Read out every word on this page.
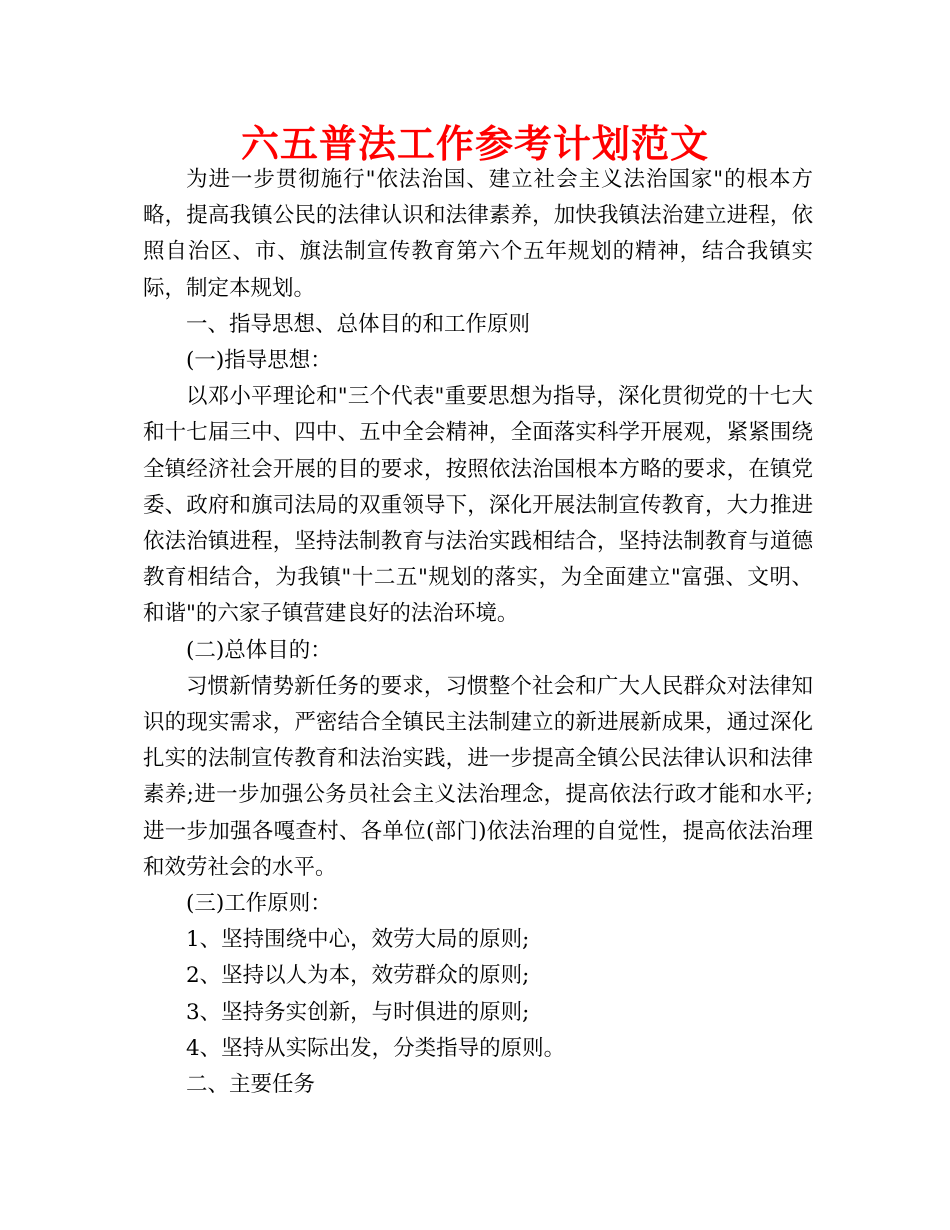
六五普法工作参考计划范文

为进一步贯彻施行"依法治国、建立社会主义法治国家"的根本方略，提高我镇公民的法律认识和法律素养，加快我镇法治建立进程，依照自治区、市、旗法制宣传教育第六个五年规划的精神，结合我镇实际，制定本规划。

一、指导思想、总体目的和工作原则

(一)指导思想：

以邓小平理论和"三个代表"重要思想为指导，深化贯彻党的十七大和十七届三中、四中、五中全会精神，全面落实科学开展观，紧紧围绕全镇经济社会开展的目的要求，按照依法治国根本方略的要求，在镇党委、政府和旗司法局的双重领导下，深化开展法制宣传教育，大力推进依法治镇进程，坚持法制教育与法治实践相结合，坚持法制教育与道德教育相结合，为我镇"十二五"规划的落实，为全面建立"富强、文明、和谐"的六家子镇营建良好的法治环境。

(二)总体目的：

习惯新情势新任务的要求，习惯整个社会和广大人民群众对法律知识的现实需求，严密结合全镇民主法制建立的新进展新成果，通过深化扎实的法制宣传教育和法治实践，进一步提高全镇公民法律认识和法律素养;进一步加强公务员社会主义法治理念，提高依法行政才能和水平;进一步加强各嘎查村、各单位(部门)依法治理的自觉性，提高依法治理和效劳社会的水平。

(三)工作原则：

1、坚持围绕中心，效劳大局的原则;

2、坚持以人为本，效劳群众的原则;

3、坚持务实创新，与时俱进的原则;

4、坚持从实际出发，分类指导的原则。

二、主要任务
